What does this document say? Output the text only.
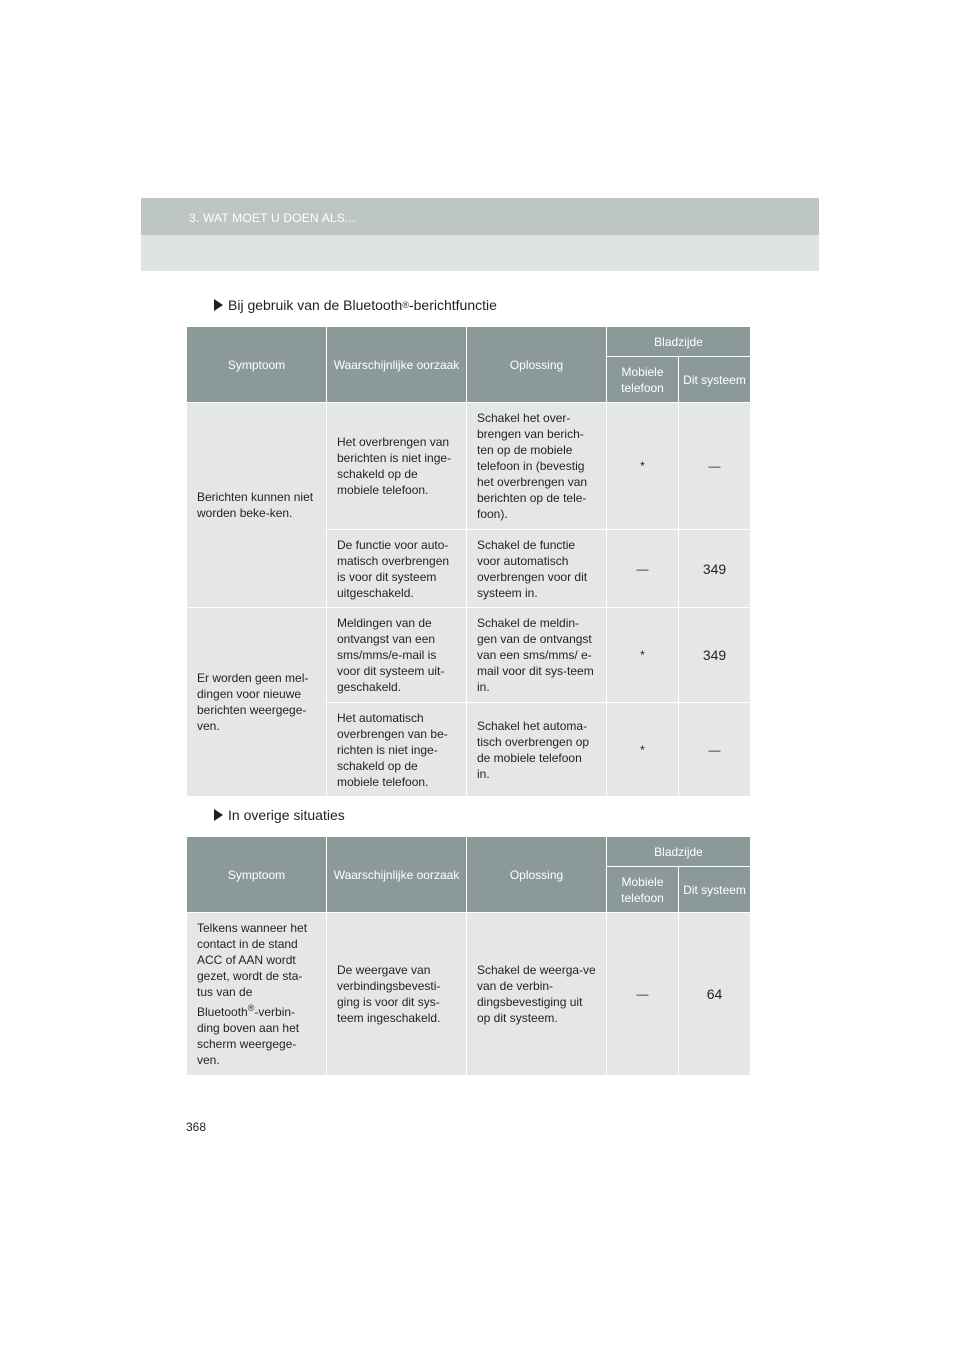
3. WAT MOET U DOEN ALS...
Bij gebruik van de Bluetooth ® -berichtfunctie
Symptoom	Waarschijnlijke oorzaak	Oplossing	Bladzijde	
			Mobiele telefoon	Dit systeem
Berichten kunnen niet worden beke-ken.	Het overbrengen van berichten is niet inge-schakeld op de mobiele telefoon.	Schakel het over-brengen van berich-ten op de mobiele telefoon in (bevestig het overbrengen van berichten op de tele-foon).	*	—
	De functie voor auto-matisch overbrengen is voor dit systeem uitgeschakeld.	Schakel de functie voor automatisch overbrengen voor dit systeem in.	—	349
Er worden geen mel-dingen voor nieuwe berichten weergege-ven.	Meldingen van de ontvangst van een sms/mms/e-mail is voor dit systeem uit-geschakeld.	Schakel de meldin-gen van de ontvangst van een sms/mms/ e-mail voor dit sys-teem in.	*	349
	Het automatisch overbrengen van be-richten is niet inge-schakeld op de mobiele telefoon.	Schakel het automa-tisch overbrengen op de mobiele telefoon in.	*	—
In overige situaties
Symptoom	Waarschijnlijke oorzaak	Oplossing	Bladzijde	
			Mobiele telefoon	Dit systeem
Telkens wanneer het contact in de stand ACC of AAN wordt gezet, wordt de sta-tus van de Bluetooth®-verbin-ding boven aan het scherm weergege-ven.	De weergave van verbindingsbevesti-ging is voor dit sys-teem ingeschakeld.	Schakel de weerga-ve van de verbin-dingsbevestiging uit op dit systeem.	—	64
368
